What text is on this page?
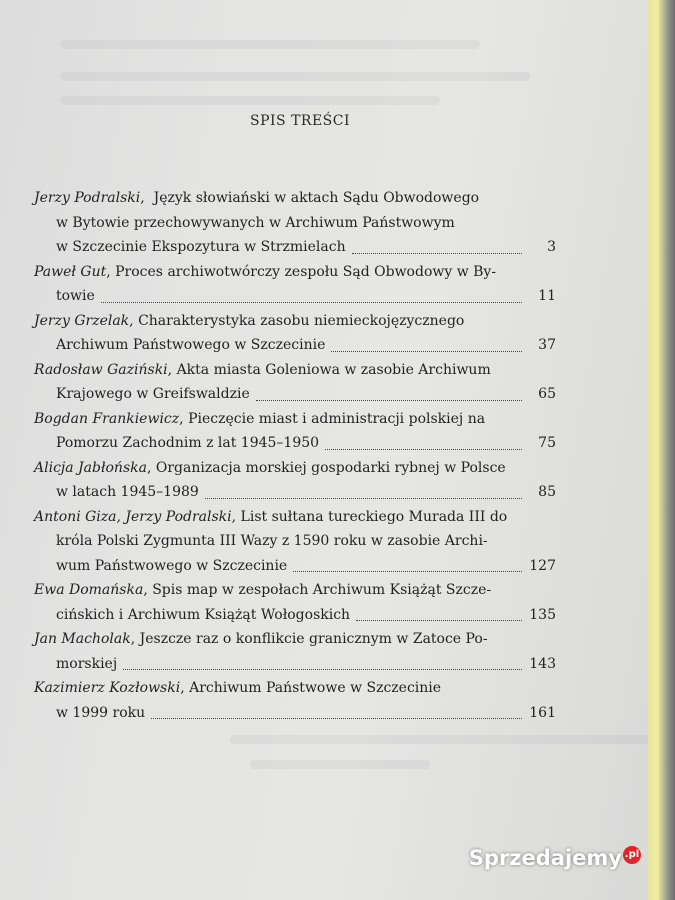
SPIS TREŚCI
Jerzy Podralski,  Język słowiański w aktach Sądu Obwodowego
w Bytowie przechowywanych w Archiwum Państwowym
w Szczecinie Ekspozytura w Strzmielach	3
Paweł Gut, Proces archiwotwórczy zespołu Sąd Obwodowy w By-
towie	11
Jerzy Grzelak, Charakterystyka zasobu niemieckojęzycznego
Archiwum Państwowego w Szczecinie	37
Radosław Gaziński, Akta miasta Goleniowa w zasobie Archiwum
Krajowego w Greifswaldzie	65
Bogdan Frankiewicz, Pieczęcie miast i administracji polskiej na
Pomorzu Zachodnim z lat 1945–1950	75
Alicja Jabłońska, Organizacja morskiej gospodarki rybnej w Polsce
w latach 1945–1989	85
Antoni Giza, Jerzy Podralski, List sułtana tureckiego Murada III do
króla Polski Zygmunta III Wazy z 1590 roku w zasobie Archi-
wum Państwowego w Szczecinie	127
Ewa Domańska, Spis map w zespołach Archiwum Książąt Szcze-
cińskich i Archiwum Książąt Wołogoskich	135
Jan Macholak, Jeszcze raz o konflikcie granicznym w Zatoce Po-
morskiej	143
Kazimierz Kozłowski, Archiwum Państwowe w Szczecinie
w 1999 roku	161
Sprzedajemy .pl
